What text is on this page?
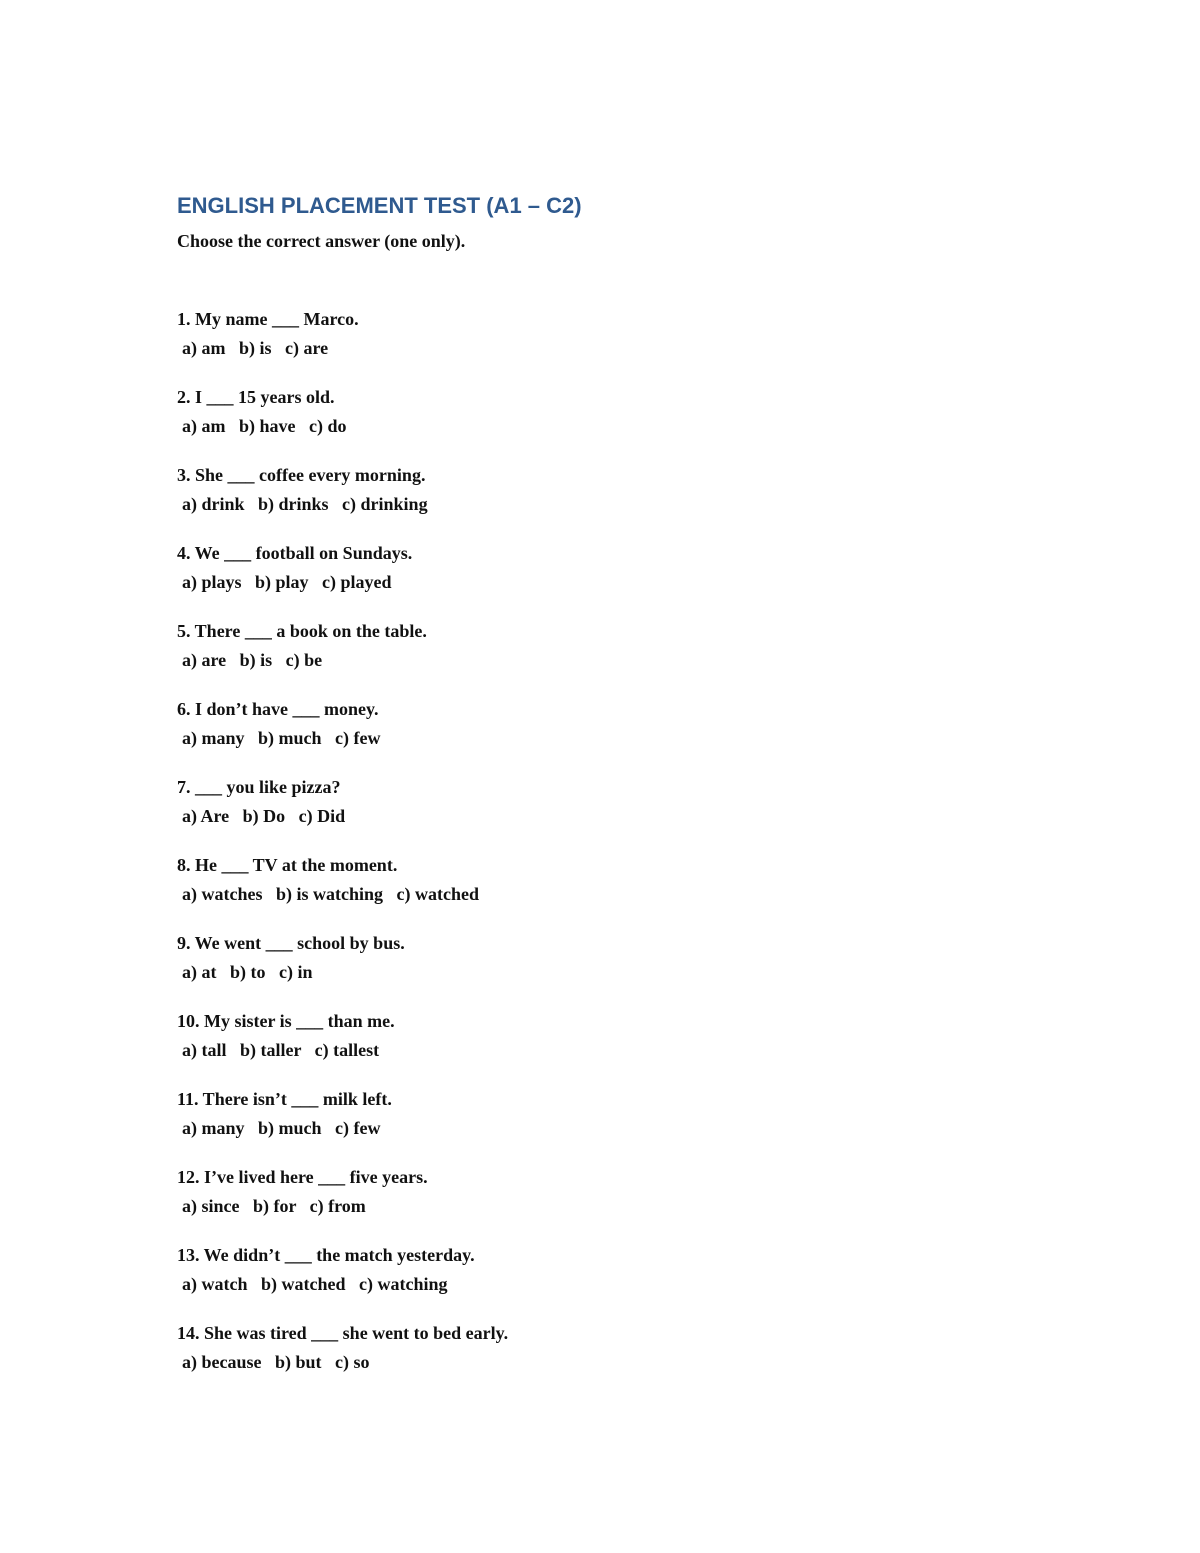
ENGLISH PLACEMENT TEST (A1 – C2)

Choose the correct answer (one only).

1. My name ___ Marco.
a) am   b) is   c) are
2. I ___ 15 years old.
a) am   b) have   c) do
3. She ___ coffee every morning.
a) drink   b) drinks   c) drinking
4. We ___ football on Sundays.
a) plays   b) play   c) played
5. There ___ a book on the table.
a) are   b) is   c) be
6. I don’t have ___ money.
a) many   b) much   c) few
7. ___ you like pizza?
a) Are   b) Do   c) Did
8. He ___ TV at the moment.
a) watches   b) is watching   c) watched
9. We went ___ school by bus.
a) at   b) to   c) in
10. My sister is ___ than me.
a) tall   b) taller   c) tallest
11. There isn’t ___ milk left.
a) many   b) much   c) few
12. I’ve lived here ___ five years.
a) since   b) for   c) from
13. We didn’t ___ the match yesterday.
a) watch   b) watched   c) watching
14. She was tired ___ she went to bed early.
a) because   b) but   c) so
